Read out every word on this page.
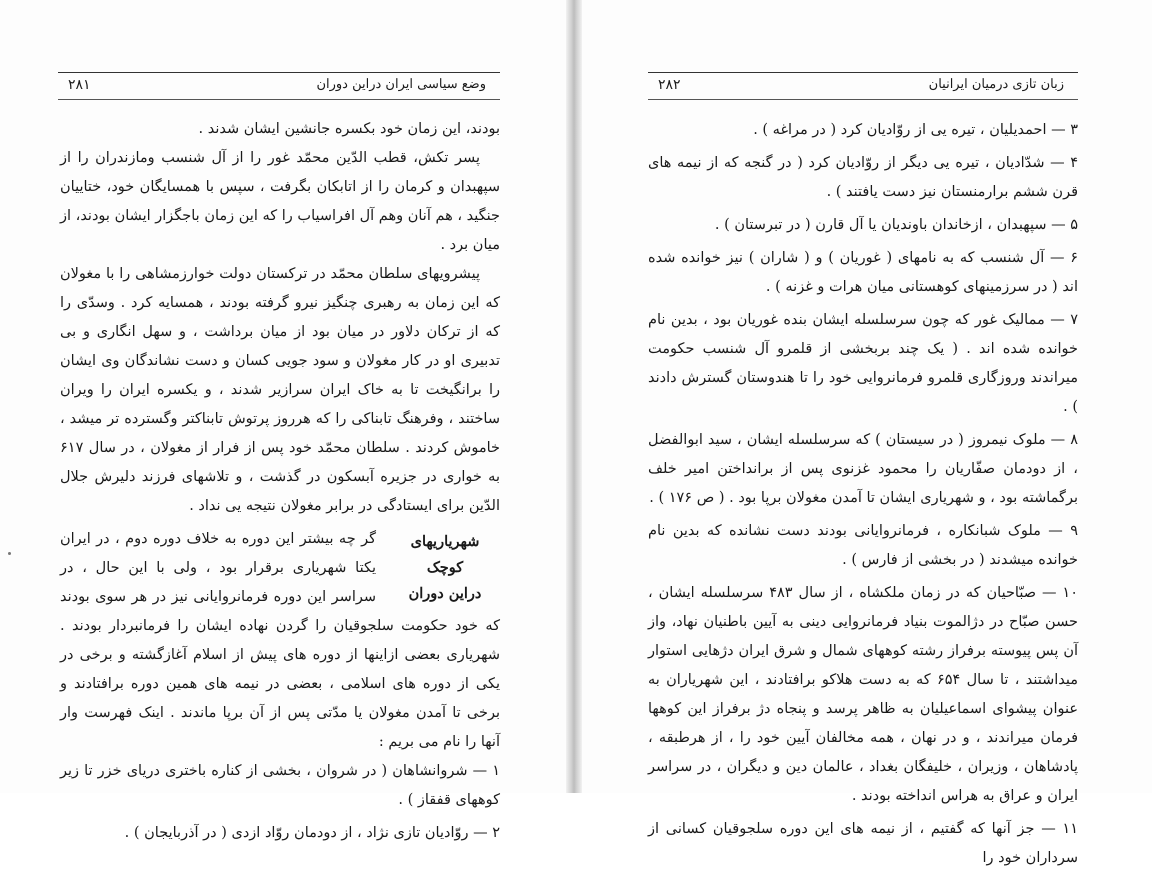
وضع سیاسی ایران دراین دوران
۲۸۱

بودند، این زمان خود بکسره جانشین ایشان شدند .

پسر تکش، قطب الدّین محمّد غور را از آل شنسب ومازندران را از سپهبدان و کرمان را از اتابکان بگرفت ، سپس با همسایگان خود، ختاییان جنگید ، هم آنان وهم آل افراسیاب را که این زمان باجگزار ایشان بودند، از میان برد .

پیشرویهای سلطان محمّد در ترکستان دولت خوارزمشاهی را با مغولان که این زمان به رهبری چنگیز نیرو گرفته بودند ، همسایه کرد . وسدّی را که از ترکان دلاور در میان بود از میان برداشت ، و سهل انگاری و بی تدبیری او در کار مغولان و سود جویی کسان و دست نشاندگان وی ایشان را برانگیخت تا به خاک ایران سرازیر شدند ، و یکسره ایران را ویران ساختند ، وفرهنگ تابناکی را که هرروز پرتوش تابناکتر وگسترده تر میشد ، خاموش کردند . سلطان محمّد خود پس از فرار از مغولان ، در سال ۶۱۷ به خواری در جزیره آبسکون در گذشت ، و تلاشهای فرزند دلیرش جلال الدّین برای ایستادگی در برابر مغولان نتیجه یی نداد .

شهریاریهای کوچک
دراین دوران

گر چه بیشتر این دوره به خلاف دوره دوم ، در ایران یکتا شهریاری برقرار بود ، ولی با این حال ، در سراسر این دوره فرمانروایانی نیز در هر سوی بودند که خود حکومت سلجوقیان را گردن نهاده ایشان را فرمانبردار بودند . شهریاری بعضی ازاینها از دوره های پیش از اسلام آغازگشته و برخی در یکی از دوره های اسلامی ، بعضی در نیمه های همین دوره برافتادند و برخی تا آمدن مغولان یا مدّتی پس از آن برپا ماندند . اینک فهرست وار آنها را نام می بریم :

۱ — شروانشاهان ( در شروان ، بخشی از کناره باختری دریای خزر تا زیر کوههای قفقاز ) .

۲ — روّادیان تازی نژاد ، از دودمان روّاد ازدی ( در آذربایجان ) .

زبان تازی درمیان ایرانیان
۲۸۲

۳ — احمدیلیان ، تیره یی از روّادیان کرد ( در مراغه ) .

۴ — شدّادیان ، تیره یی دیگر از روّادیان کرد ( در گنجه که از نیمه های قرن ششم برارمنستان نیز دست یافتند ) .

۵ — سپهبدان ، ازخاندان باوندیان یا آل قارن ( در تبرستان ) .

۶ — آل شنسب که به نامهای ( غوریان ) و ( شاران ) نیز خوانده شده اند ( در سرزمینهای کوهستانی میان هرات و غزنه ) .

۷ — ممالیک غور که چون سرسلسله ایشان بنده غوریان بود ، بدین نام خوانده شده اند . ( یک چند بربخشی از قلمرو آل شنسب حکومت میراندند وروزگاری قلمرو فرمانروایی خود را تا هندوستان گسترش دادند ) .

۸ — ملوک نیمروز ( در سیستان ) که سرسلسله ایشان ، سید ابوالفضل ، از دودمان صفّاریان را محمود غزنوی پس از برانداختن امیر خلف برگماشته بود ، و شهریاری ایشان تا آمدن مغولان برپا بود . ( ص ۱۷۶ ) .

۹ — ملوک شبانکاره ، فرمانروایانی بودند دست نشانده که بدین نام خوانده میشدند ( در بخشی از فارس ) .

۱۰ — صبّاحیان که در زمان ملکشاه ، از سال ۴۸۳ سرسلسله ایشان ، حسن صبّاح در دژالموت بنیاد فرمانروایی دینی به آیین باطنیان نهاد، واز آن پس پیوسته برفراز رشته کوههای شمال و شرق ایران دژهایی استوار میداشتند ، تا سال ۶۵۴ که به دست هلاکو برافتادند ، این شهریاران به عنوان پیشوای اسماعیلیان به ظاهر پرسد و پنجاه دژ برفراز این کوهها فرمان میراندند ، و در نهان ، همه مخالفان آیین خود را ، از هرطبقه ، پادشاهان ، وزیران ، خلیفگان بغداد ، عالمان دین و دیگران ، در سراسر ایران و عراق به هراس انداخته بودند .

۱۱ — جز آنها که گفتیم ، از نیمه های این دوره سلجوقیان کسانی از سرداران خود را
